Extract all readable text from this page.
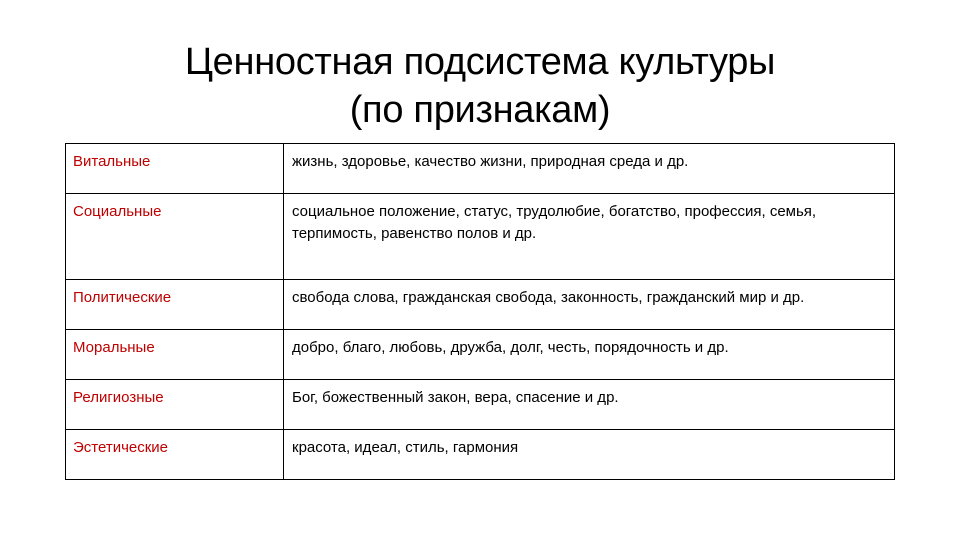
Ценностная подсистема культуры
(по признакам)
Витальные	жизнь, здоровье, качество жизни, природная среда и др.
Социальные	социальное положение, статус, трудолюбие, богатство, профессия, семья, терпимость, равенство полов и др.
Политические	свобода слова, гражданская свобода, законность, гражданский мир и др.
Моральные	добро, благо, любовь, дружба, долг, честь, порядочность и др.
Религиозные	Бог, божественный закон, вера, спасение и др.
Эстетические	красота, идеал, стиль, гармония
